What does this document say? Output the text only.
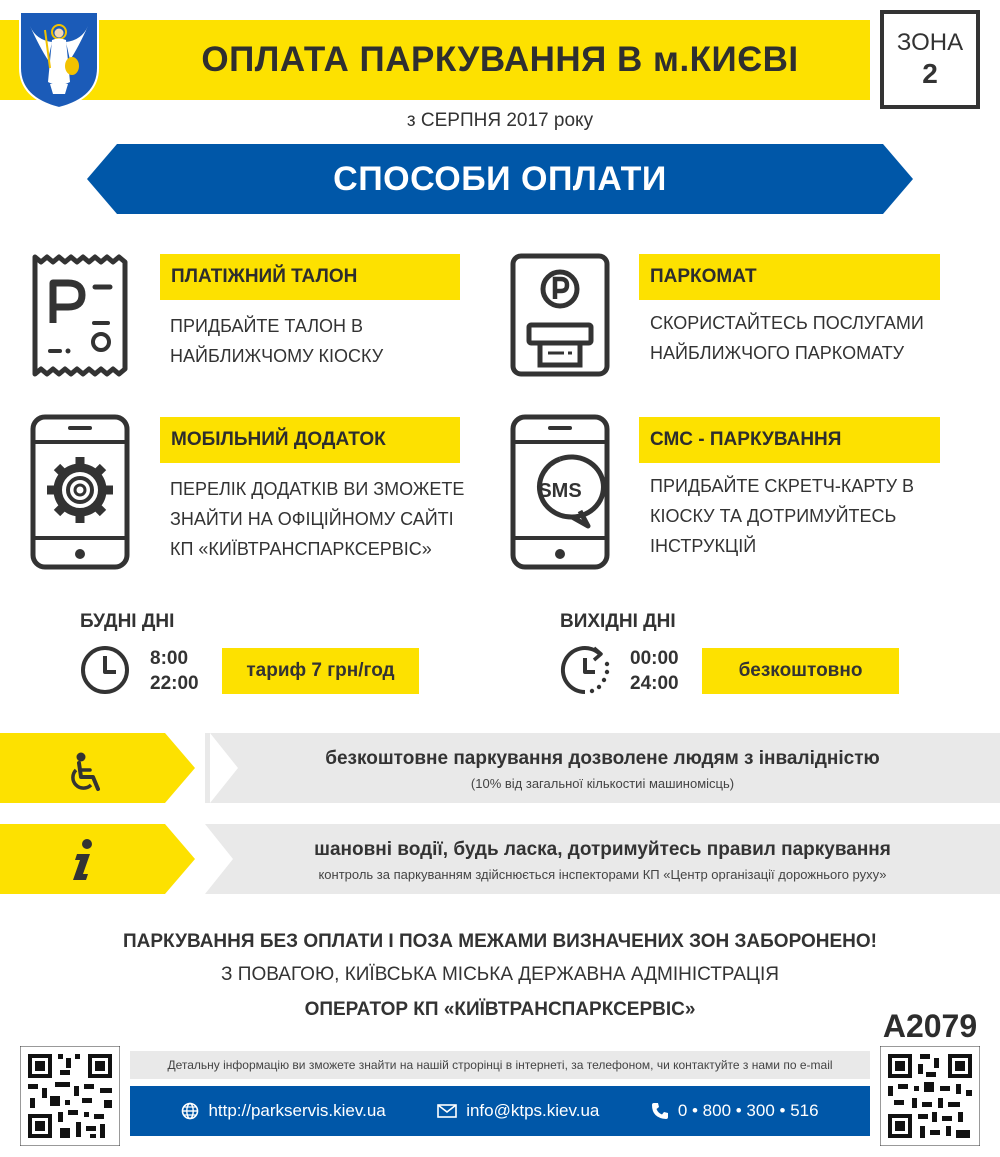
ОПЛАТА ПАРКУВАННЯ В м.КИЄВІ	ЗОНА
2
з СЕРПНЯ 2017 року
СПОСОБИ ОПЛАТИ
ПЛАТІЖНИЙ ТАЛОН
ПРИДБАЙТЕ ТАЛОН В
НАЙБЛИЖЧОМУ КІОСКУ
ПАРКОМАТ
СКОРИСТАЙТЕСЬ ПОСЛУГАМИ
НАЙБЛИЖЧОГО ПАРКОМАТУ
МОБІЛЬНИЙ ДОДАТОК
ПЕРЕЛІК ДОДАТКІВ ВИ ЗМОЖЕТЕ
ЗНАЙТИ НА ОФІЦІЙНОМУ САЙТІ
КП «КИЇВТРАНСПАРКСЕРВІС»
SMS
СМС - ПАРКУВАННЯ
ПРИДБАЙТЕ СКРЕТЧ-КАРТУ В
КІОСКУ ТА ДОТРИМУЙТЕСЬ
ІНСТРУКЦІЙ
БУДНІ ДНІ
8:00
22:00
тариф 7 грн/год
ВИХІДНІ ДНІ
00:00
24:00
безкоштовно
безкоштовне паркування дозволене людям з інвалідністю
(10% від загальної кількостиі машиномісць)
шановні водії, будь ласка, дотримуйтесь правил паркування
контроль за паркуванням здійснюється інспекторами КП «Центр організації дорожнього руху»
ПАРКУВАННЯ БЕЗ ОПЛАТИ І ПОЗА МЕЖАМИ ВИЗНАЧЕНИХ ЗОН ЗАБОРОНЕНО!
З ПОВАГОЮ, КИЇВСЬКА МІСЬКА ДЕРЖАВНА АДМІНІСТРАЦІЯ
ОПЕРАТОР КП «КИЇВТРАНСПАРКСЕРВІС»	A2079
Детальну інформацію ви зможете знайти на нашій строрінці в інтернеті, за телефоном, чи контактуйте з нами по e-mail
http://parkservis.kiev.ua	info@ktps.kiev.ua	0 • 800 • 300 • 516
